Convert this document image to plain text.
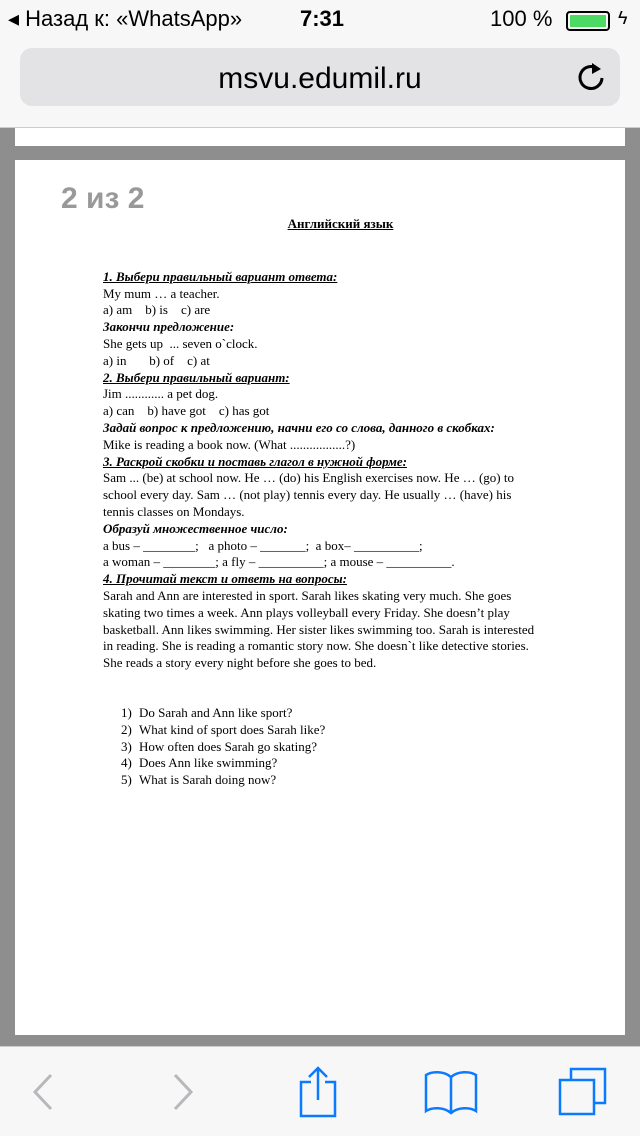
◂ Назад к: «WhatsApp»	7:31	100 %	ϟ
msvu.edumil.ru
2 из 2
Английский язык
1. Выбери правильный вариант ответа:
My mum … a teacher.
a) am    b) is    c) are
Закончи предложение:
She gets up  ... seven o`clock.
a) in       b) of    c) at
2. Выбери правильный вариант:
Jim ............ a pet dog.
a) can    b) have got    c) has got
Задай вопрос к предложению, начни его со слова, данного в скобках:
Mike is reading a book now. (What .................?)
3. Раскрой скобки и поставь глагол в нужной форме:
Sam ... (be) at school now. He … (do) his English exercises now. He … (go) to
school every day. Sam … (not play) tennis every day. He usually … (have) his
tennis classes on Mondays.
Образуй множественное число:
a bus – ________;   a photo – _______;  a box– __________;
a woman – ________; a fly – __________; a mouse – __________.
4. Прочитай текст и ответь на вопросы:
Sarah and Ann are interested in sport. Sarah likes skating very much. She goes
skating two times a week. Ann plays volleyball every Friday. She doesn’t play
basketball. Ann likes swimming. Her sister likes swimming too. Sarah is interested
in reading. She is reading a romantic story now. She doesn`t like detective stories.
She reads a story every night before she goes to bed.
1) Do Sarah and Ann like sport?
2) What kind of sport does Sarah like?
3) How often does Sarah go skating?
4) Does Ann like swimming?
5) What is Sarah doing now?
